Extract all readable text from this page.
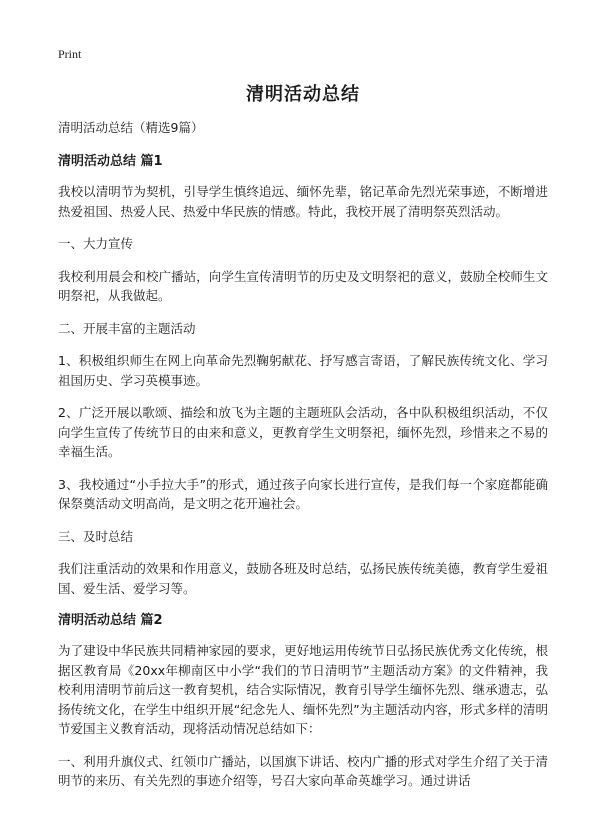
Print
清明活动总结

清明活动总结（精选9篇）

清明活动总结 篇1

我校以清明节为契机，引导学生慎终追远、缅怀先辈，铭记革命先烈光荣事迹，不断增进热爱祖国、热爱人民、热爱中华民族的情感。特此，我校开展了清明祭英烈活动。

一、大力宣传

我校利用晨会和校广播站，向学生宣传清明节的历史及文明祭祀的意义，鼓励全校师生文明祭祀，从我做起。

二、开展丰富的主题活动

1、积极组织师生在网上向革命先烈鞠躬献花、抒写感言寄语，了解民族传统文化、学习祖国历史、学习英模事迹。

2、广泛开展以歌颂、描绘和放飞为主题的主题班队会活动，各中队积极组织活动，不仅向学生宣传了传统节日的由来和意义，更教育学生文明祭祀，缅怀先烈，珍惜来之不易的幸福生活。

3、我校通过“小手拉大手”的形式，通过孩子向家长进行宣传，是我们每一个家庭都能确保祭奠活动文明高尚，是文明之花开遍社会。

三、及时总结

我们注重活动的效果和作用意义，鼓励各班及时总结，弘扬民族传统美德，教育学生爱祖国、爱生活、爱学习等。

清明活动总结 篇2

为了建设中华民族共同精神家园的要求，更好地运用传统节日弘扬民族优秀文化传统，根据区教育局《20xx年柳南区中小学“我们的节日清明节”主题活动方案》的文件精神，我校利用清明节前后这一教育契机，结合实际情况，教育引导学生缅怀先烈、继承遗志，弘扬传统文化，在学生中组织开展“纪念先人、缅怀先烈”为主题活动内容，形式多样的清明节爱国主义教育活动，现将活动情况总结如下：

一、利用升旗仪式、红领巾广播站，以国旗下讲话、校内广播的形式对学生介绍了关于清明节的来历、有关先烈的事迹介绍等，号召大家向革命英雄学习。通过讲话
